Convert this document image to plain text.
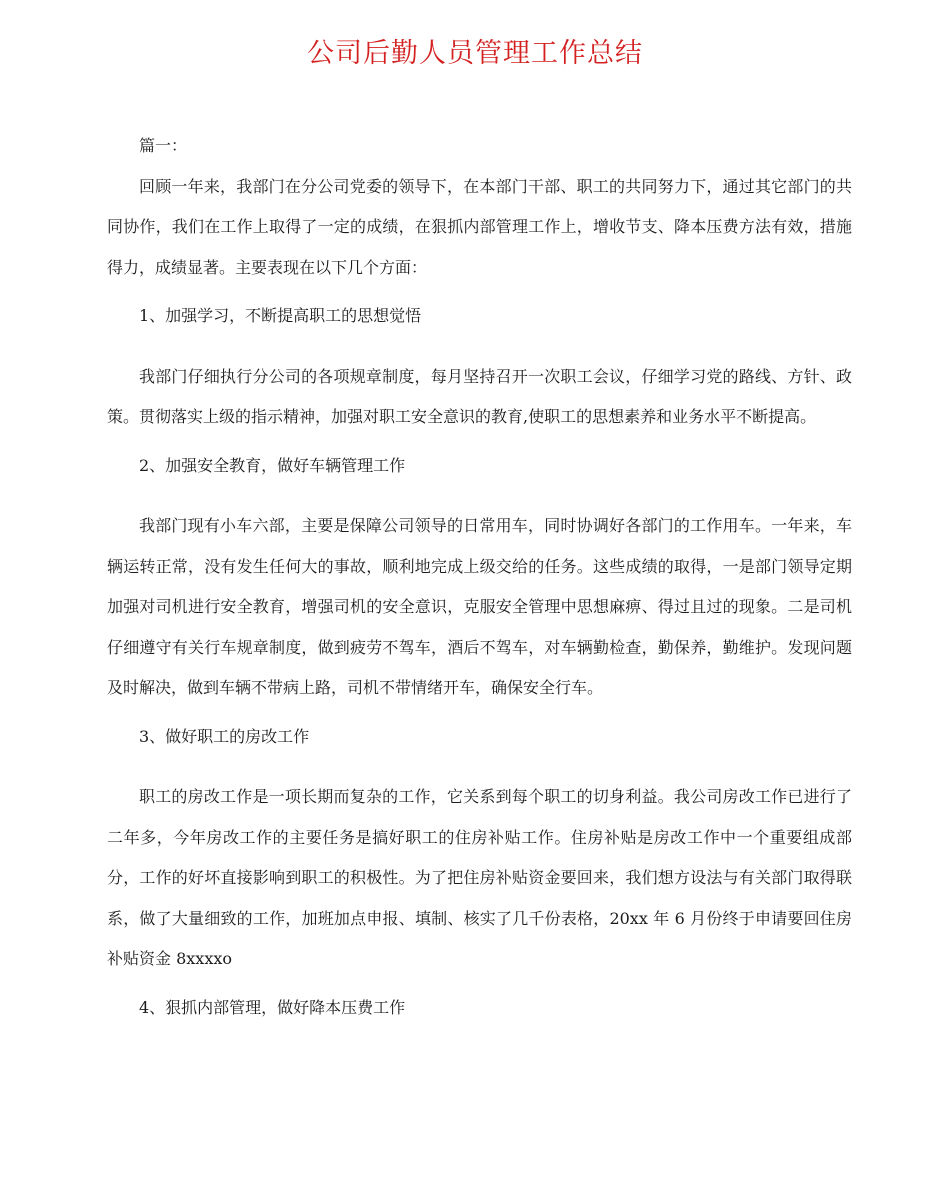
公司后勤人员管理工作总结

篇一：

回顾一年来，我部门在分公司党委的领导下，在本部门干部、职工的共同努力下，通过其它部门的共同协作，我们在工作上取得了一定的成绩，在狠抓内部管理工作上，增收节支、降本压费方法有效，措施得力，成绩显著。主要表现在以下几个方面：

1、加强学习，不断提高职工的思想觉悟

我部门仔细执行分公司的各项规章制度，每月坚持召开一次职工会议，仔细学习党的路线、方针、政策。贯彻落实上级的指示精神，加强对职工安全意识的教育,使职工的思想素养和业务水平不断提高。

2、加强安全教育，做好车辆管理工作

我部门现有小车六部，主要是保障公司领导的日常用车，同时协调好各部门的工作用车。一年来，车辆运转正常，没有发生任何大的事故，顺利地完成上级交给的任务。这些成绩的取得，一是部门领导定期加强对司机进行安全教育，增强司机的安全意识，克服安全管理中思想麻痹、得过且过的现象。二是司机仔细遵守有关行车规章制度，做到疲劳不驾车，酒后不驾车，对车辆勤检查，勤保养，勤维护。发现问题及时解决，做到车辆不带病上路，司机不带情绪开车，确保安全行车。

3、做好职工的房改工作

职工的房改工作是一项长期而复杂的工作，它关系到每个职工的切身利益。我公司房改工作已进行了二年多，今年房改工作的主要任务是搞好职工的住房补贴工作。住房补贴是房改工作中一个重要组成部分，工作的好坏直接影响到职工的积极性。为了把住房补贴资金要回来，我们想方设法与有关部门取得联系，做了大量细致的工作，加班加点申报、填制、核实了几千份表格，20xx 年 6 月份终于申请要回住房补贴资金 8xxxxo

4、狠抓内部管理，做好降本压费工作
